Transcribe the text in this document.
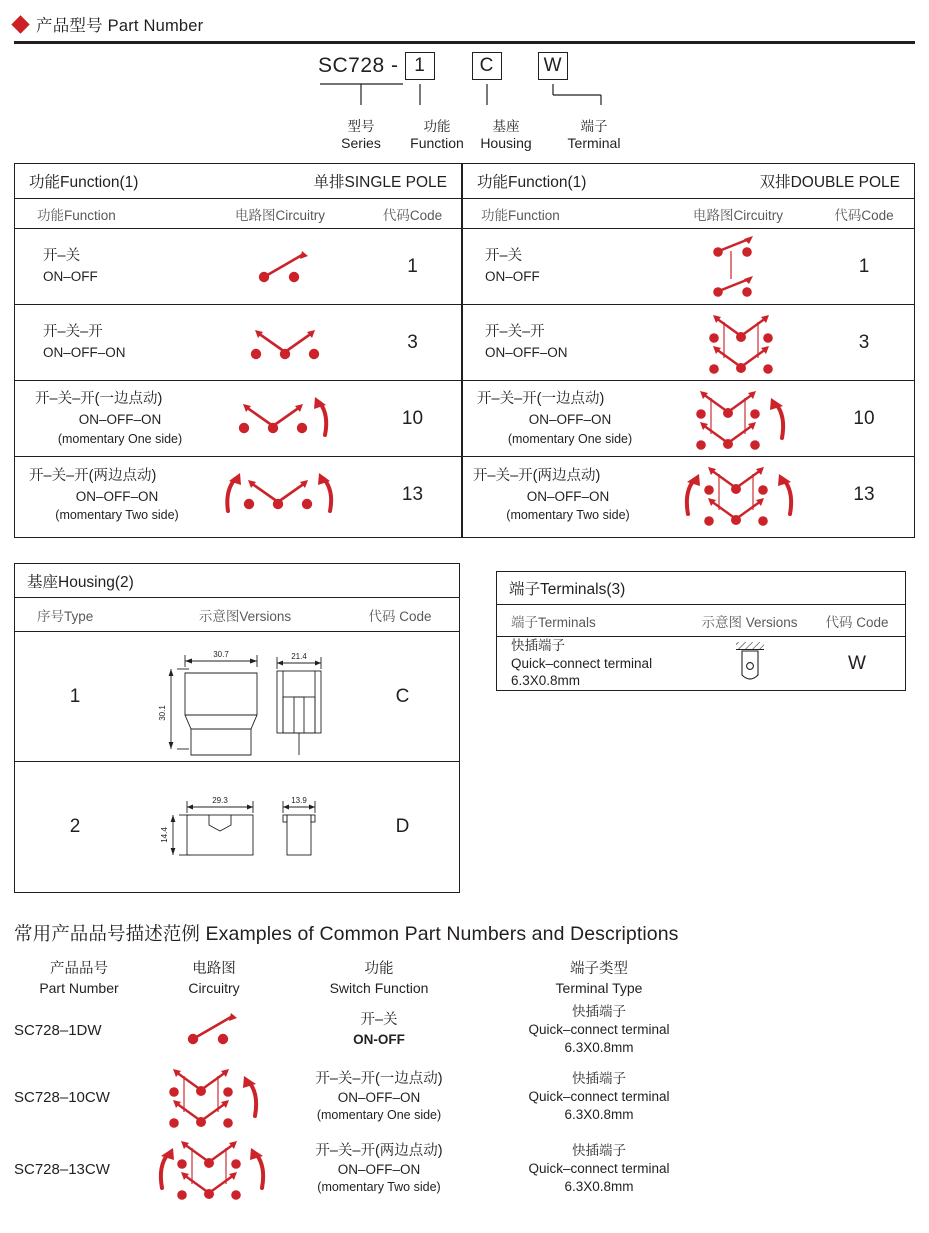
产品型号 Part Number
SC728 - 1	C	W
型号
Series
功能
Function
基座
Housing
端子
Terminal
功能Function(1)	单排SINGLE POLE
功能Function	电路图Circuitry	代码Code
开–关
ON–OFF
1
开–关–开
ON–OFF–ON
3
开–关–开(一边点动)
ON–OFF–ON
(momentary One side)
10
开–关–开(两边点动)
ON–OFF–ON
(momentary Two side)
13
功能Function(1)	双排DOUBLE POLE
功能Function	电路图Circuitry	代码Code
开–关
ON–OFF
1
开–关–开
ON–OFF–ON
3
开–关–开(一边点动)
ON–OFF–ON
(momentary One side)
10
开–关–开(两边点动)
ON–OFF–ON
(momentary Two side)
13
基座Housing(2)
序号Type	示意图Versions	代码 Code
1
30.7
30.1
21.4
C
2
29.3
14.4
13.9
D
端子Terminals(3)
端子Terminals	示意图 Versions	代码 Code
快插端子
Quick–connect terminal
6.3X0.8mm
W
常用产品品号描述范例 Examples of Common Part Numbers and Descriptions
产品品号
Part Number
电路图
Circuitry
功能
Switch Function
端子类型
Terminal Type
SC728–1DW
开–关
ON-OFF
快插端子
Quick–connect terminal
6.3X0.8mm
SC728–10CW
开–关–开(一边点动)
ON–OFF–ON
(momentary One side)
快插端子
Quick–connect terminal
6.3X0.8mm
SC728–13CW
开–关–开(两边点动)
ON–OFF–ON
(momentary Two side)
快插端子
Quick–connect terminal
6.3X0.8mm
